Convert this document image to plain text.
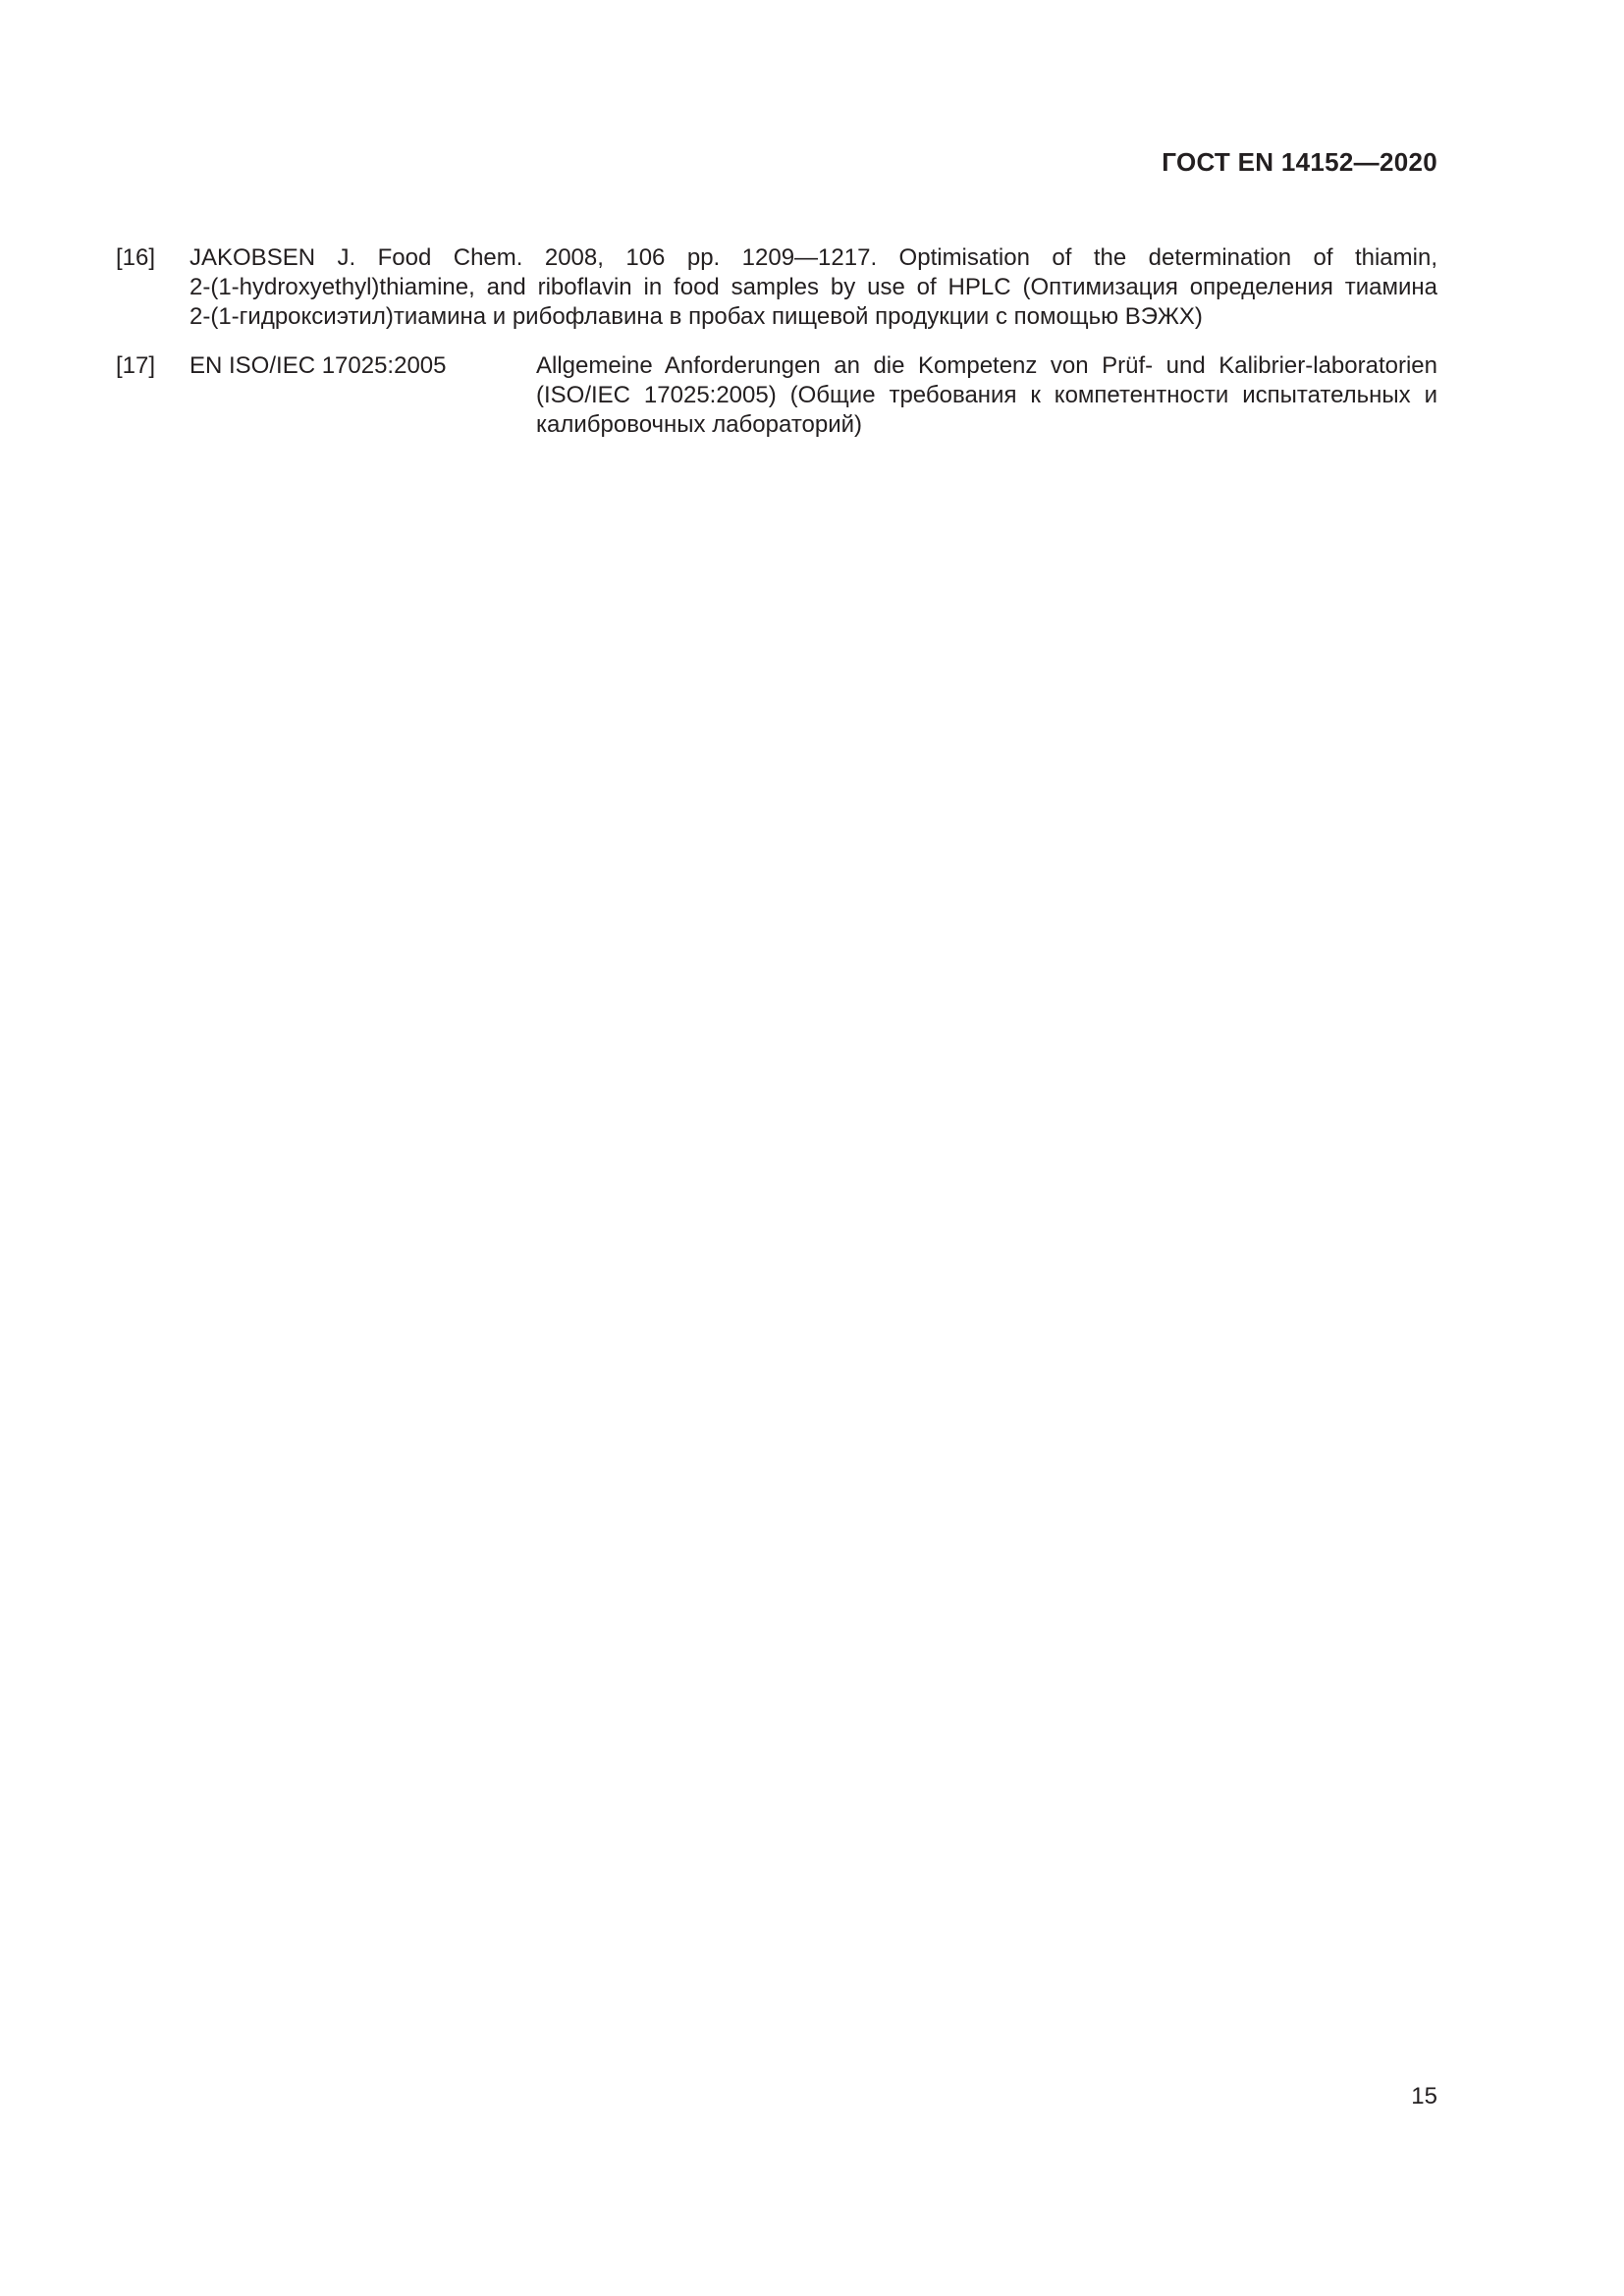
ГОСТ EN 14152—2020
[16] JAKOBSEN J. Food Chem. 2008, 106 pp. 1209—1217. Optimisation of the determination of thiamin,
2-(1-hydroxyethyl)thiamine, and riboflavin in food samples by use of HPLC (Оптимизация определения тиамина
2-(1-гидроксиэтил)тиамина и рибофлавина в пробах пищевой продукции с помощью ВЭЖХ)
[17] EN ISO/IEC 17025:2005	Allgemeine Anforderungen an die Kompetenz von Prüf- und Kalibrier-laboratorien
(ISO/IEC 17025:2005) (Общие требования к компетентности испытательных и
калибровочных лабораторий)
15
